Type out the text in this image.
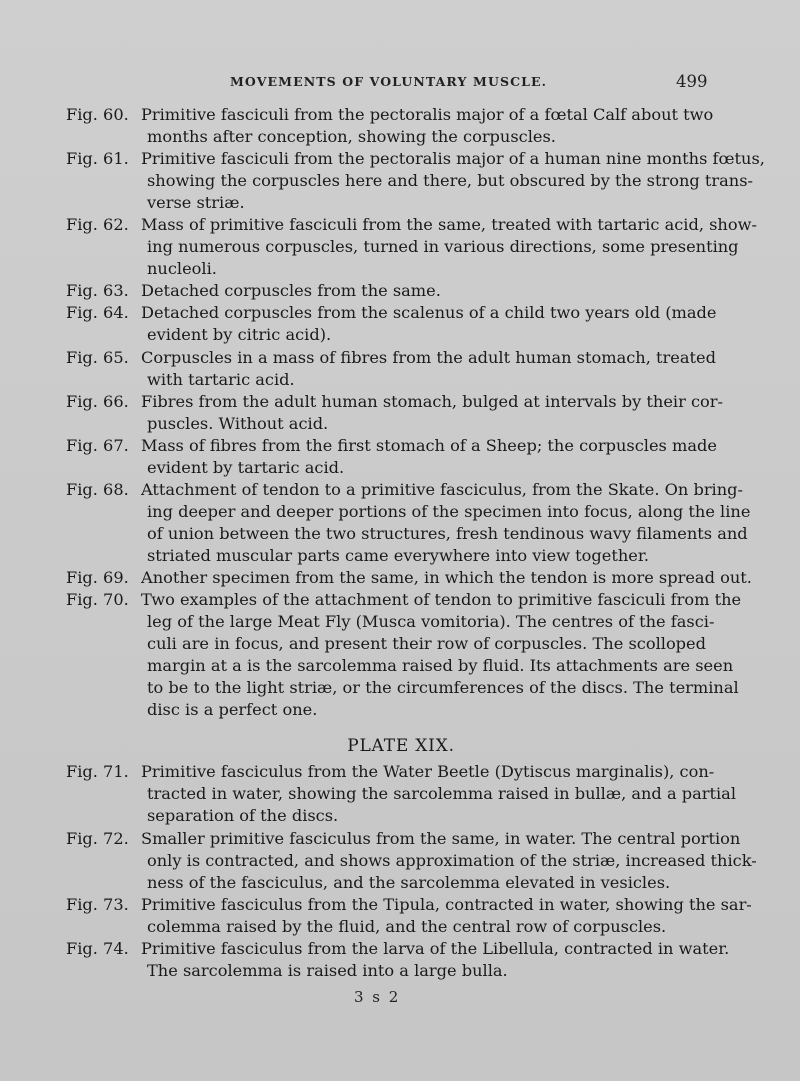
MOVEMENTS OF VOLUNTARY MUSCLE.	499
Fig. 60. Primitive fasciculi from the pectoralis major of a fœtal Calf about two
months after conception, showing the corpuscles.
Fig. 61. Primitive fasciculi from the pectoralis major of a human nine months fœtus,
showing the corpuscles here and there, but obscured by the strong trans-
verse striæ.
Fig. 62. Mass of primitive fasciculi from the same, treated with tartaric acid, show-
ing numerous corpuscles, turned in various directions, some presenting
nucleoli.
Fig. 63. Detached corpuscles from the same.
Fig. 64. Detached corpuscles from the scalenus of a child two years old (made
evident by citric acid).
Fig. 65. Corpuscles in a mass of fibres from the adult human stomach, treated
with tartaric acid.
Fig. 66. Fibres from the adult human stomach, bulged at intervals by their cor-
puscles. Without acid.
Fig. 67. Mass of fibres from the first stomach of a Sheep; the corpuscles made
evident by tartaric acid.
Fig. 68. Attachment of tendon to a primitive fasciculus, from the Skate. On bring-
ing deeper and deeper portions of the specimen into focus, along the line
of union between the two structures, fresh tendinous wavy filaments and
striated muscular parts came everywhere into view together.
Fig. 69. Another specimen from the same, in which the tendon is more spread out.
Fig. 70. Two examples of the attachment of tendon to primitive fasciculi from the
leg of the large Meat Fly (Musca vomitoria). The centres of the fasci-
culi are in focus, and present their row of corpuscles. The scolloped
margin at a is the sarcolemma raised by fluid. Its attachments are seen
to be to the light striæ, or the circumferences of the discs. The terminal
disc is a perfect one.
PLATE XIX.
Fig. 71. Primitive fasciculus from the Water Beetle (Dytiscus marginalis), con-
tracted in water, showing the sarcolemma raised in bullæ, and a partial
separation of the discs.
Fig. 72. Smaller primitive fasciculus from the same, in water. The central portion
only is contracted, and shows approximation of the striæ, increased thick-
ness of the fasciculus, and the sarcolemma elevated in vesicles.
Fig. 73. Primitive fasciculus from the Tipula, contracted in water, showing the sar-
colemma raised by the fluid, and the central row of corpuscles.
Fig. 74. Primitive fasciculus from the larva of the Libellula, contracted in water.
The sarcolemma is raised into a large bulla.
3 s 2
